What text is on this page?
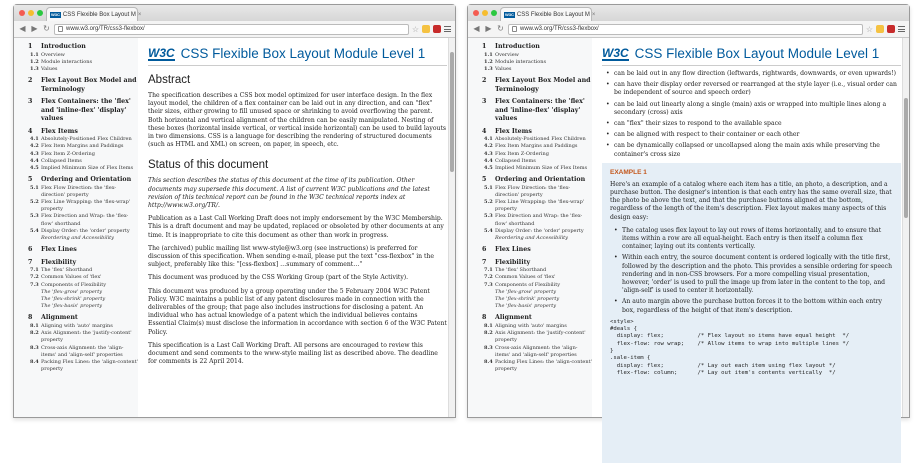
W3C CSS Flexible Box Layout M ×
◀ ▶ ↻	www.w3.org/TR/css3-flexbox/	☆
1	Introduction
1.1 Overview
1.2 Module interactions
1.3 Values
2	Flex Layout Box Model and Terminology
3	Flex Containers: the 'flex' and 'inline-flex' 'display' values
4	Flex Items
4.1 Absolutely-Positioned Flex Children
4.2 Flex Item Margins and Paddings
4.3 Flex Item Z-Ordering
4.4 Collapsed Items
4.5 Implied Minimum Size of Flex Items
5	Ordering and Orientation
5.1 Flex Flow Direction: the 'flex-direction' property
5.2 Flex Line Wrapping: the 'flex-wrap' property
5.3 Flex Direction and Wrap: the 'flex-flow' shorthand
5.4 Display Order: the 'order' property
Reordering and Accessibility
6	Flex Lines
7	Flexibility
7.1 The 'flex' Shorthand
7.2 Common Values of 'flex'
7.3 Components of Flexibility
The 'flex-grow' property
The 'flex-shrink' property
The 'flex-basis' property
8	Alignment
8.1 Aligning with 'auto' margins
8.2 Axis Alignment: the 'justify-content' property
8.3 Cross-axis Alignment: the 'align-items' and 'align-self' properties
8.4 Packing Flex Lines: the 'align-content' property
W3C CSS Flexible Box Layout Module Level 1
Abstract

The specification describes a CSS box model optimized for user interface design. In the flex layout model, the children of a flex container can be laid out in any direction, and can "flex" their sizes, either growing to fill unused space or shrinking to avoid overflowing the parent. Both horizontal and vertical alignment of the children can be easily manipulated. Nesting of these boxes (horizontal inside vertical, or vertical inside horizontal) can be used to build layouts in two dimensions. CSS is a language for describing the rendering of structured documents (such as HTML and XML) on screen, on paper, in speech, etc.

Status of this document

This section describes the status of this document at the time of its publication. Other documents may supersede this document. A list of current W3C publications and the latest revision of this technical report can be found in the W3C technical reports index at http://www.w3.org/TR/.

Publication as a Last Call Working Draft does not imply endorsement by the W3C Membership. This is a draft document and may be updated, replaced or obsoleted by other documents at any time. It is inappropriate to cite this document as other than work in progress.

The (archived) public mailing list www-style@w3.org (see instructions) is preferred for discussion of this specification. When sending e-mail, please put the text "css-flexbox" in the subject, preferably like this: "[css-flexbox] …summary of comment…"

This document was produced by the CSS Working Group (part of the Style Activity).

This document was produced by a group operating under the 5 February 2004 W3C Patent Policy. W3C maintains a public list of any patent disclosures made in connection with the deliverables of the group; that page also includes instructions for disclosing a patent. An individual who has actual knowledge of a patent which the individual believes contains Essential Claim(s) must disclose the information in accordance with section 6 of the W3C Patent Policy.

This specification is a Last Call Working Draft. All persons are encouraged to review this document and send comments to the www-style mailing list as described above. The deadline for comments is 22 April 2014.

W3C CSS Flexible Box Layout M ×
◀ ▶ ↻	www.w3.org/TR/css3-flexbox/	☆
1	Introduction
1.1 Overview
1.2 Module interactions
1.3 Values
2	Flex Layout Box Model and Terminology
3	Flex Containers: the 'flex' and 'inline-flex' 'display' values
4	Flex Items
4.1 Absolutely-Positioned Flex Children
4.2 Flex Item Margins and Paddings
4.3 Flex Item Z-Ordering
4.4 Collapsed Items
4.5 Implied Minimum Size of Flex Items
5	Ordering and Orientation
5.1 Flex Flow Direction: the 'flex-direction' property
5.2 Flex Line Wrapping: the 'flex-wrap' property
5.3 Flex Direction and Wrap: the 'flex-flow' shorthand
5.4 Display Order: the 'order' property
Reordering and Accessibility
6	Flex Lines
7	Flexibility
7.1 The 'flex' Shorthand
7.2 Common Values of 'flex'
7.3 Components of Flexibility
The 'flex-grow' property
The 'flex-shrink' property
The 'flex-basis' property
8	Alignment
8.1 Aligning with 'auto' margins
8.2 Axis Alignment: the 'justify-content' property
8.3 Cross-axis Alignment: the 'align-items' and 'align-self' properties
8.4 Packing Flex Lines: the 'align-content' property
W3C CSS Flexible Box Layout Module Level 1
• can be laid out in any flow direction (leftwards, rightwards, downwards, or even upwards!)
• can have their display order reversed or rearranged at the style layer (i.e., visual order can be independent of source and speech order)
• can be laid out linearly along a single (main) axis or wrapped into multiple lines along a secondary (cross) axis
• can "flex" their sizes to respond to the available space
• can be aligned with respect to their container or each other
• can be dynamically collapsed or uncollapsed along the main axis while preserving the container's cross size
EXAMPLE 1

Here's an example of a catalog where each item has a title, an photo, a description, and a purchase button. The designer's intention is that each entry has the same overall size, that the photo be above the text, and that the purchase buttons aligned at the bottom, regardless of the length of the item's description. Flex layout makes many aspects of this design easy:

• The catalog uses flex layout to lay out rows of items horizontally, and to ensure that items within a row are all equal-height. Each entry is then itself a column flex container, laying out its contents vertically.
• Within each entry, the source document content is ordered logically with the title first, followed by the description and the photo. This provides a sensible ordering for speech rendering and in non-CSS browsers. For a more compelling visual presentation, however, 'order' is used to pull the image up from later in the content to the top, and 'align-self' is used to center it horizontally.
• An auto margin above the purchase button forces it to the bottom within each entry box, regardless of the height of that item's description.
<style>
#deals {
display: flex;          /* Flex layout so items have equal height  */
flex-flow: row wrap;    /* Allow items to wrap into multiple lines */
}
.sale-item {
display: flex;          /* Lay out each item using flex layout */
flex-flow: column;      /* Lay out item's contents vertically  */
